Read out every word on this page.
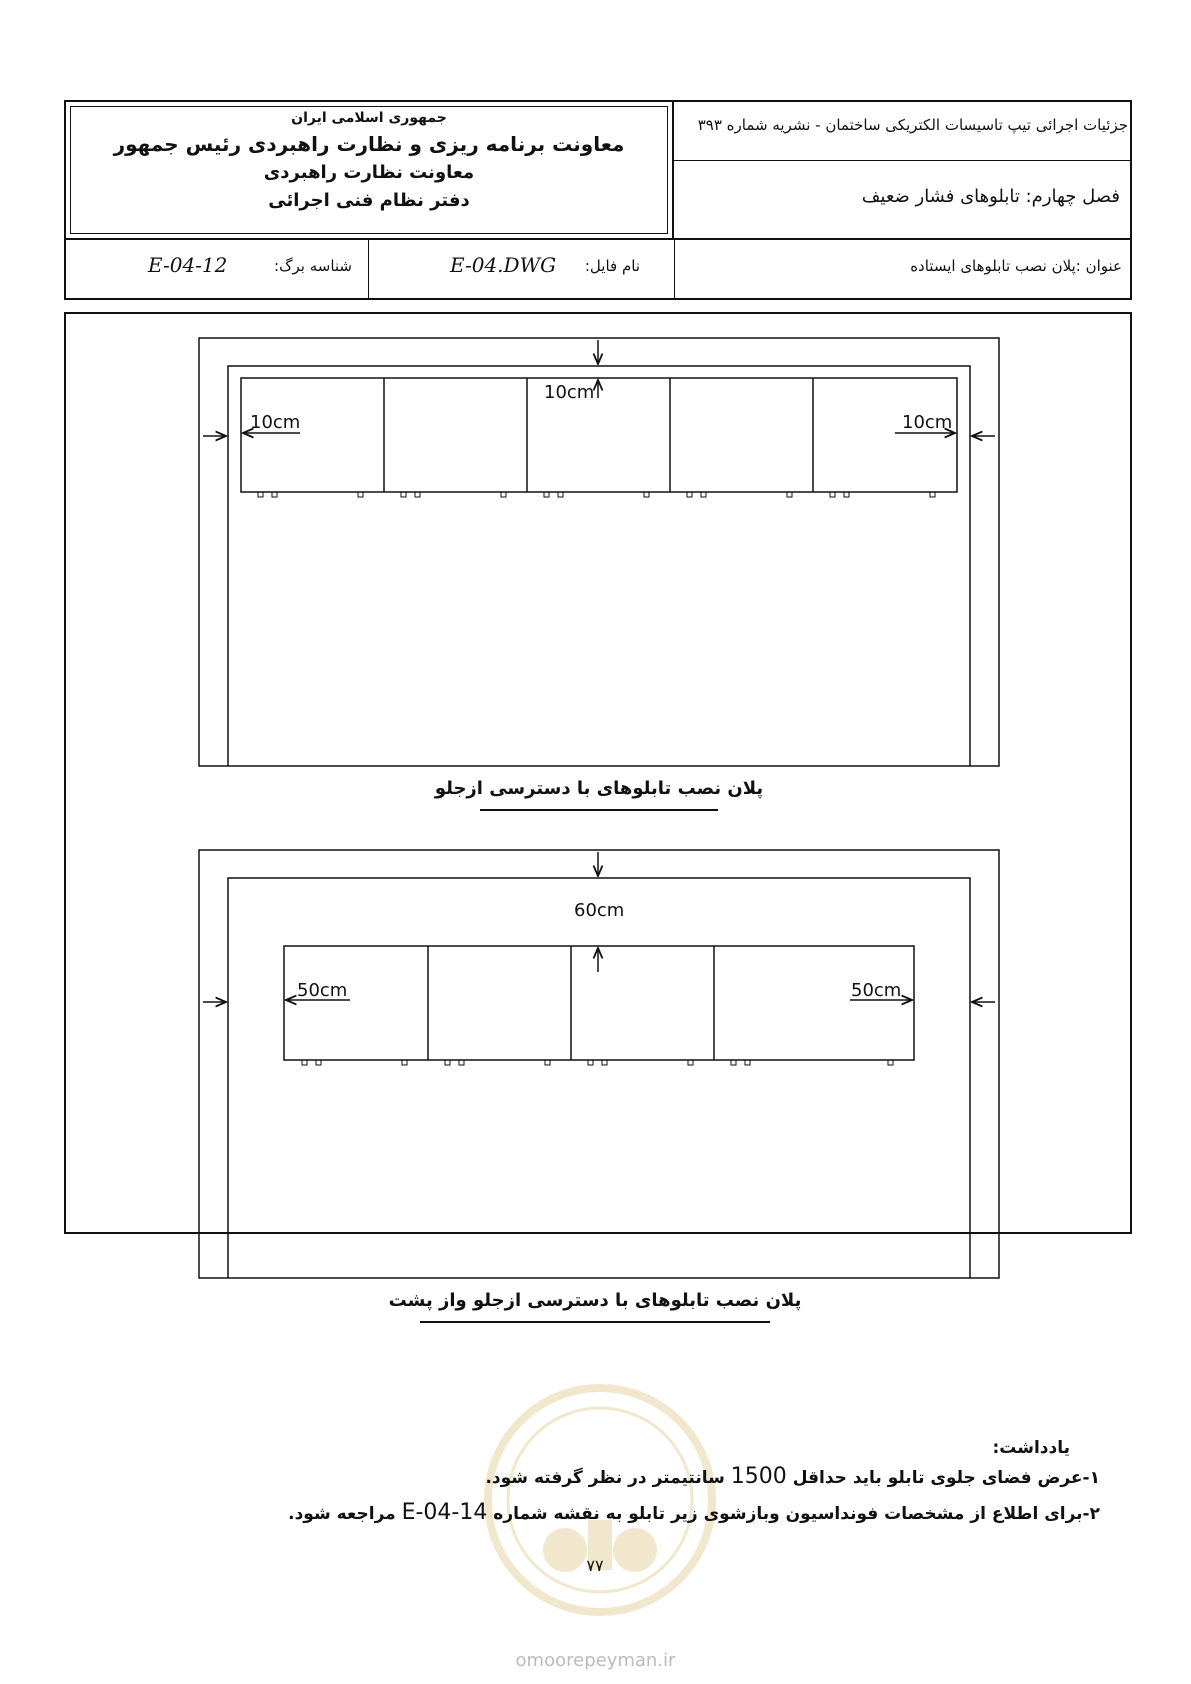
جمهوری اسلامی ایران
معاونت برنامه ریزی و نظارت راهبردی رئیس جمهور
معاونت نظارت راهبردی
دفتر نظام فنی اجرائی
جزئیات اجرائی تیپ تاسیسات الکتریکی ساختمان - نشریه شماره ۳۹۳
فصل چهارم: تابلوهای فشار ضعیف
عنوان :پلان نصب تابلوهای ایستاده
نام فایل:
E-04.DWG
شناسه برگ:
E-04-12
10cm
10cm	10cm
پلان نصب تابلوهای با دسترسی ازجلو
60cm
50cm	50cm
پلان نصب تابلوهای با دسترسی ازجلو واز پشت
یادداشت:
۱-عرض فضای جلوی تابلو باید حداقل 1500 سانتیمتر در نظر گرفته شود.
۲-برای اطلاع از مشخصات فونداسیون وبازشوی زیر تابلو به نقشه شماره E-04-14 مراجعه شود.
۷۷
omoorepeyman.ir
